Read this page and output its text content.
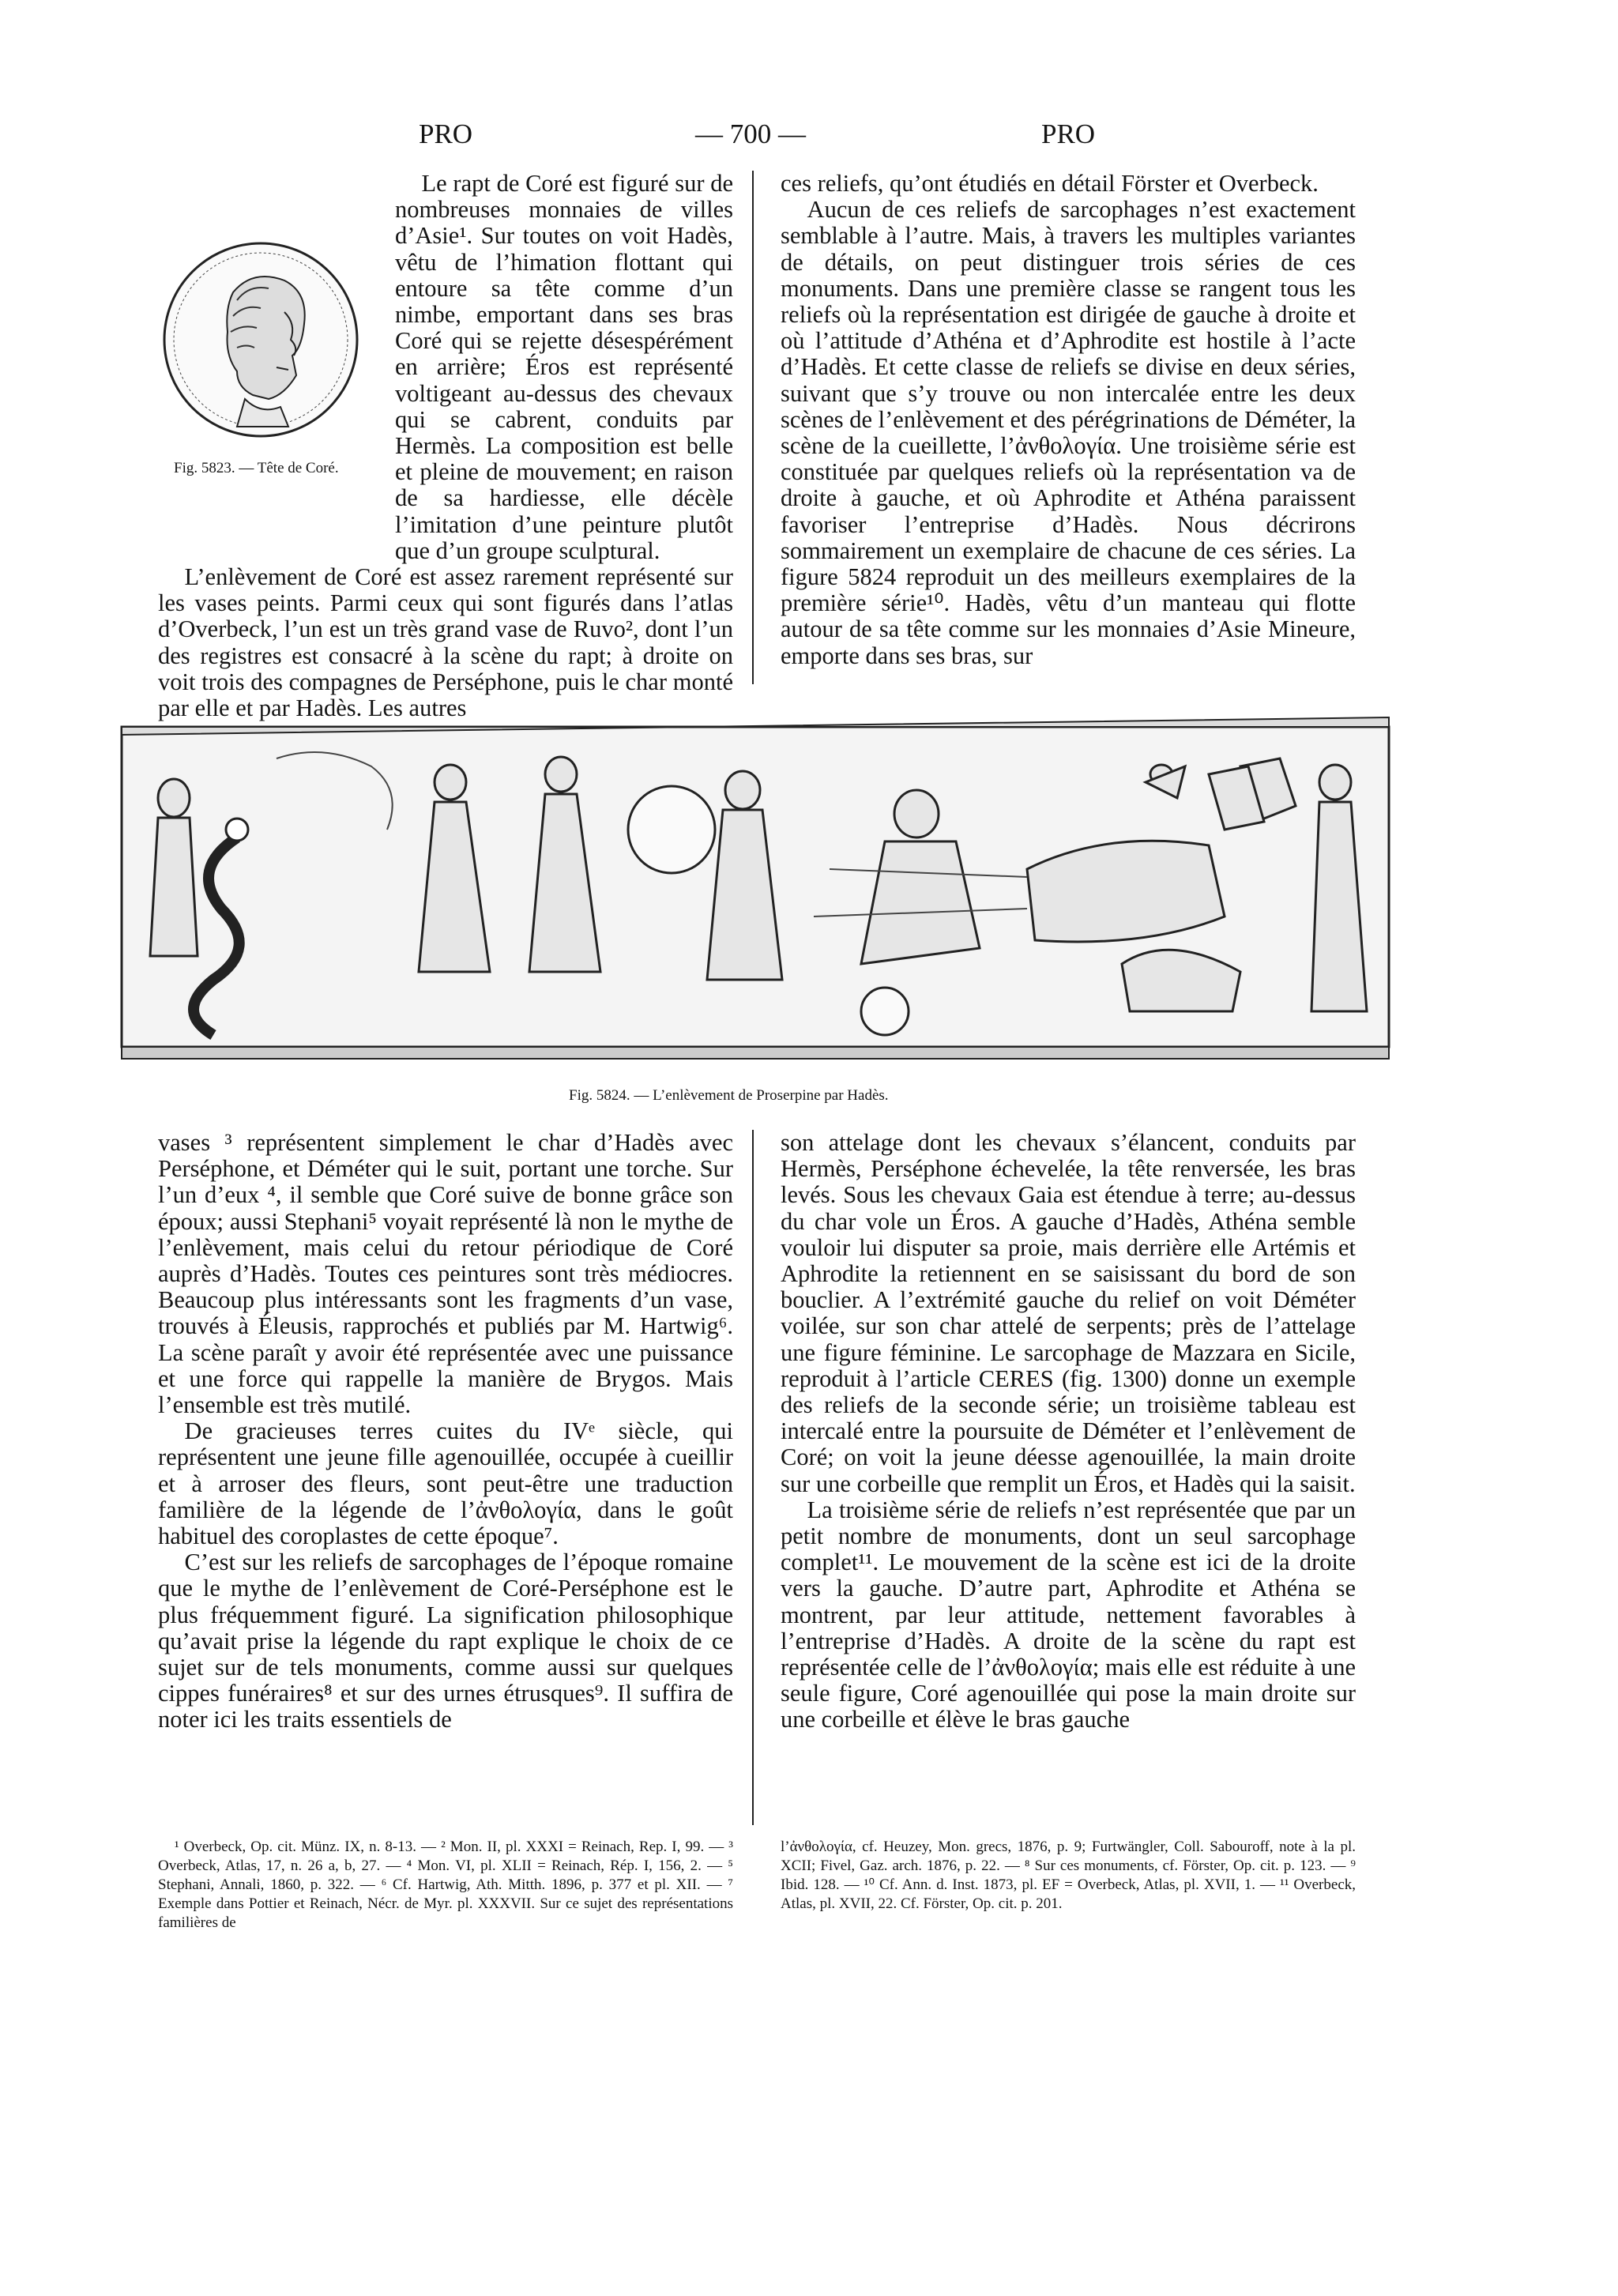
PRO	— 700 —	PRO
Fig. 5823. — Tête de Coré.

Le rapt de Coré est figuré sur de nombreuses monnaies de villes d’Asie¹. Sur toutes on voit Hadès, vêtu de l’himation flottant qui entoure sa tête comme d’un nimbe, emportant dans ses bras Coré qui se rejette désespérément en arrière; Éros est représenté voltigeant au-dessus des chevaux qui se cabrent, conduits par Hermès. La composition est belle et pleine de mouvement; en raison de sa hardiesse, elle décèle l’imitation d’une peinture plutôt que d’un groupe sculptural.

L’enlèvement de Coré est assez rarement représenté sur les vases peints. Parmi ceux qui sont figurés dans l’atlas d’Overbeck, l’un est un très grand vase de Ruvo², dont l’un des registres est consacré à la scène du rapt; à droite on voit trois des compagnes de Perséphone, puis le char monté par elle et par Hadès. Les autres

ces reliefs, qu’ont étudiés en détail Förster et Overbeck.

Aucun de ces reliefs de sarcophages n’est exactement semblable à l’autre. Mais, à travers les multiples variantes de détails, on peut distinguer trois séries de ces monuments. Dans une première classe se rangent tous les reliefs où la représentation est dirigée de gauche à droite et où l’attitude d’Athéna et d’Aphrodite est hostile à l’acte d’Hadès. Et cette classe de reliefs se divise en deux séries, suivant que s’y trouve ou non intercalée entre les deux scènes de l’enlèvement et des pérégrinations de Déméter, la scène de la cueillette, l’ἀνθολογία. Une troisième série est constituée par quelques reliefs où la représentation va de droite à gauche, et où Aphrodite et Athéna paraissent favoriser l’entreprise d’Hadès. Nous décrirons sommairement un exemplaire de chacune de ces séries. La figure 5824 reproduit un des meilleurs exemplaires de la première série¹⁰. Hadès, vêtu d’un manteau qui flotte autour de sa tête comme sur les monnaies d’Asie Mineure, emporte dans ses bras, sur

Fig. 5824. — L’enlèvement de Proserpine par Hadès.

vases ³ représentent simplement le char d’Hadès avec Perséphone, et Déméter qui le suit, portant une torche. Sur l’un d’eux ⁴, il semble que Coré suive de bonne grâce son époux; aussi Stephani⁵ voyait représenté là non le mythe de l’enlèvement, mais celui du retour périodique de Coré auprès d’Hadès. Toutes ces peintures sont très médiocres. Beaucoup plus intéressants sont les fragments d’un vase, trouvés à Éleusis, rapprochés et publiés par M. Hartwig⁶. La scène paraît y avoir été représentée avec une puissance et une force qui rappelle la manière de Brygos. Mais l’ensemble est très mutilé.

De gracieuses terres cuites du IVᵉ siècle, qui représentent une jeune fille agenouillée, occupée à cueillir et à arroser des fleurs, sont peut-être une traduction familière de la légende de l’ἀνθολογία, dans le goût habituel des coroplastes de cette époque⁷.

C’est sur les reliefs de sarcophages de l’époque romaine que le mythe de l’enlèvement de Coré-Perséphone est le plus fréquemment figuré. La signification philosophique qu’avait prise la légende du rapt explique le choix de ce sujet sur de tels monuments, comme aussi sur quelques cippes funéraires⁸ et sur des urnes étrusques⁹. Il suffira de noter ici les traits essentiels de

son attelage dont les chevaux s’élancent, conduits par Hermès, Perséphone échevelée, la tête renversée, les bras levés. Sous les chevaux Gaia est étendue à terre; au-dessus du char vole un Éros. A gauche d’Hadès, Athéna semble vouloir lui disputer sa proie, mais derrière elle Artémis et Aphrodite la retiennent en se saisissant du bord de son bouclier. A l’extrémité gauche du relief on voit Déméter voilée, sur son char attelé de serpents; près de l’attelage une figure féminine. Le sarcophage de Mazzara en Sicile, reproduit à l’article CERES (fig. 1300) donne un exemple des reliefs de la seconde série; un troisième tableau est intercalé entre la poursuite de Déméter et l’enlèvement de Coré; on voit la jeune déesse agenouillée, la main droite sur une corbeille que remplit un Éros, et Hadès qui la saisit.

La troisième série de reliefs n’est représentée que par un petit nombre de monuments, dont un seul sarcophage complet¹¹. Le mouvement de la scène est ici de la droite vers la gauche. D’autre part, Aphrodite et Athéna se montrent, par leur attitude, nettement favorables à l’entreprise d’Hadès. A droite de la scène du rapt est représentée celle de l’ἀνθολογία; mais elle est réduite à une seule figure, Coré agenouillée qui pose la main droite sur une corbeille et élève le bras gauche

¹ Overbeck, Op. cit. Münz. IX, n. 8-13. — ² Mon. II, pl. XXXI = Reinach, Rep. I, 99. — ³ Overbeck, Atlas, 17, n. 26 a, b, 27. — ⁴ Mon. VI, pl. XLII = Reinach, Rép. I, 156, 2. — ⁵ Stephani, Annali, 1860, p. 322. — ⁶ Cf. Hartwig, Ath. Mitth. 1896, p. 377 et pl. XII. — ⁷ Exemple dans Pottier et Reinach, Nécr. de Myr. pl. XXXVII. Sur ce sujet des représentations familières de

l’ἀνθολογία, cf. Heuzey, Mon. grecs, 1876, p. 9; Furtwängler, Coll. Sabouroff, note à la pl. XCII; Fivel, Gaz. arch. 1876, p. 22. — ⁸ Sur ces monuments, cf. Förster, Op. cit. p. 123. — ⁹ Ibid. 128. — ¹⁰ Cf. Ann. d. Inst. 1873, pl. EF = Overbeck, Atlas, pl. XVII, 1. — ¹¹ Overbeck, Atlas, pl. XVII, 22. Cf. Förster, Op. cit. p. 201.
